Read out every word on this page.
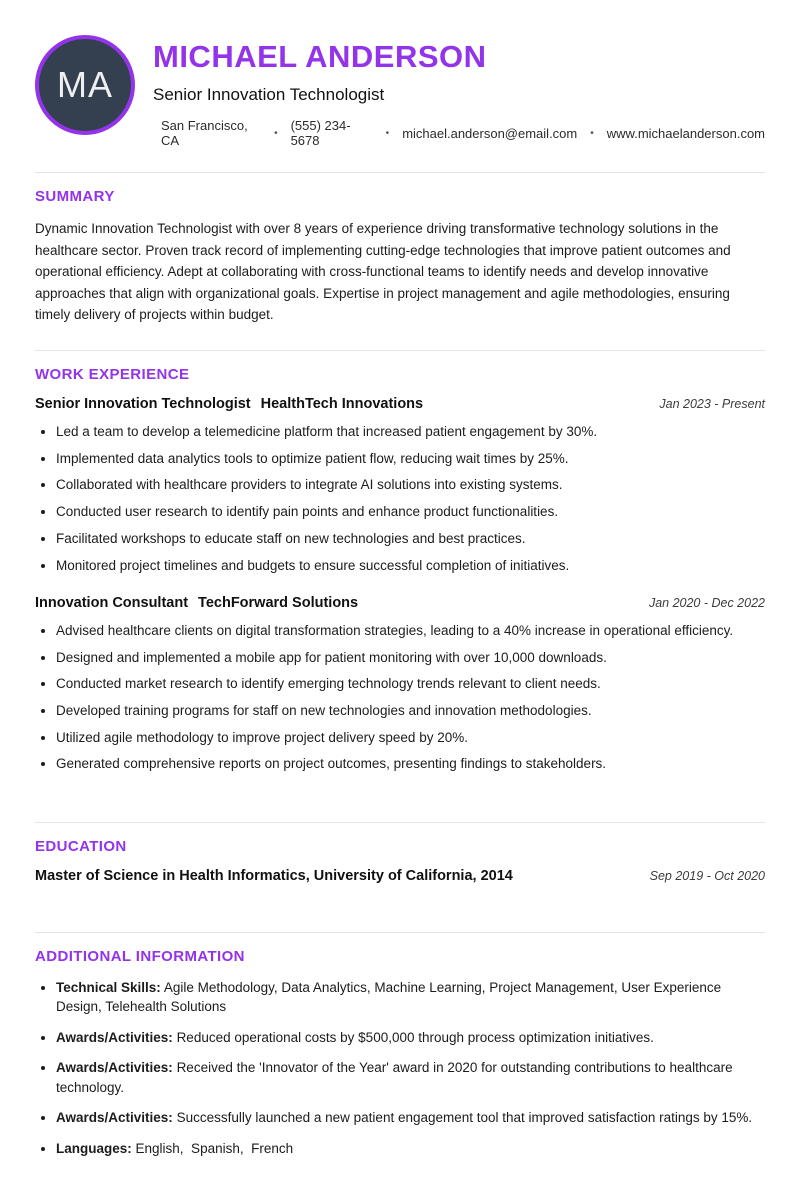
MA
MICHAEL ANDERSON
Senior Innovation Technologist
San Francisco, CA	• (555) 234-5678	• michael.anderson@email.com • www.michaelanderson.com
SUMMARY

Dynamic Innovation Technologist with over 8 years of experience driving transformative technology solutions in the healthcare sector. Proven track record of implementing cutting-edge technologies that improve patient outcomes and operational efficiency. Adept at collaborating with cross-functional teams to identify needs and develop innovative approaches that align with organizational goals. Expertise in project management and agile methodologies, ensuring timely delivery of projects within budget.

WORK EXPERIENCE
Senior Innovation Technologist HealthTech Innovations	Jan 2023 - Present
• Led a team to develop a telemedicine platform that increased patient engagement by 30%.
• Implemented data analytics tools to optimize patient flow, reducing wait times by 25%.
• Collaborated with healthcare providers to integrate AI solutions into existing systems.
• Conducted user research to identify pain points and enhance product functionalities.
• Facilitated workshops to educate staff on new technologies and best practices.
• Monitored project timelines and budgets to ensure successful completion of initiatives.
Innovation Consultant TechForward Solutions	Jan 2020 - Dec 2022
• Advised healthcare clients on digital transformation strategies, leading to a 40% increase in operational efficiency.
• Designed and implemented a mobile app for patient monitoring with over 10,000 downloads.
• Conducted market research to identify emerging technology trends relevant to client needs.
• Developed training programs for staff on new technologies and innovation methodologies.
• Utilized agile methodology to improve project delivery speed by 20%.
• Generated comprehensive reports on project outcomes, presenting findings to stakeholders.
EDUCATION
Master of Science in Health Informatics, University of California, 2014	Sep 2019 - Oct 2020
ADDITIONAL INFORMATION
• Technical Skills: Agile Methodology, Data Analytics, Machine Learning, Project Management, User Experience Design, Telehealth Solutions
• Awards/Activities: Reduced operational costs by $500,000 through process optimization initiatives.
• Awards/Activities: Received the 'Innovator of the Year' award in 2020 for outstanding contributions to healthcare technology.
• Awards/Activities: Successfully launched a new patient engagement tool that improved satisfaction ratings by 15%.
• Languages: English,  Spanish,  French
